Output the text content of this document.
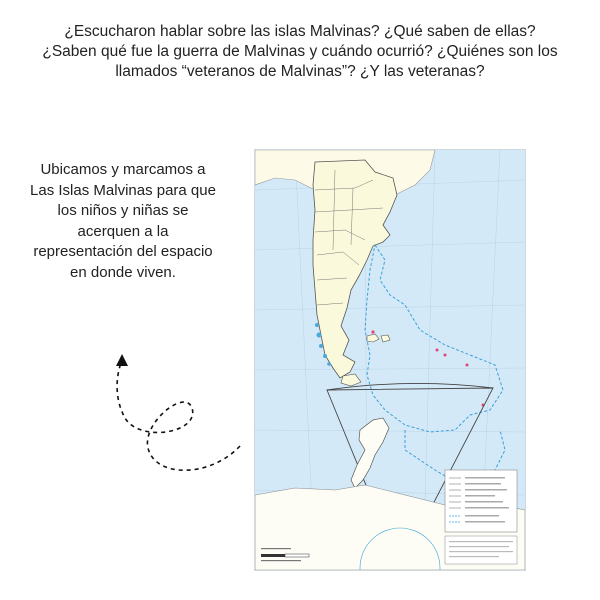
¿Escucharon hablar sobre las islas Malvinas? ¿Qué saben de ellas? ¿Saben qué fue la guerra de Malvinas y cuándo ocurrió? ¿Quiénes son los llamados “veteranos de Malvinas”? ¿Y las veteranas?
Ubicamos y marcamos a Las Islas Malvinas para que los niños y niñas se acerquen a la representación del espacio en donde viven.
